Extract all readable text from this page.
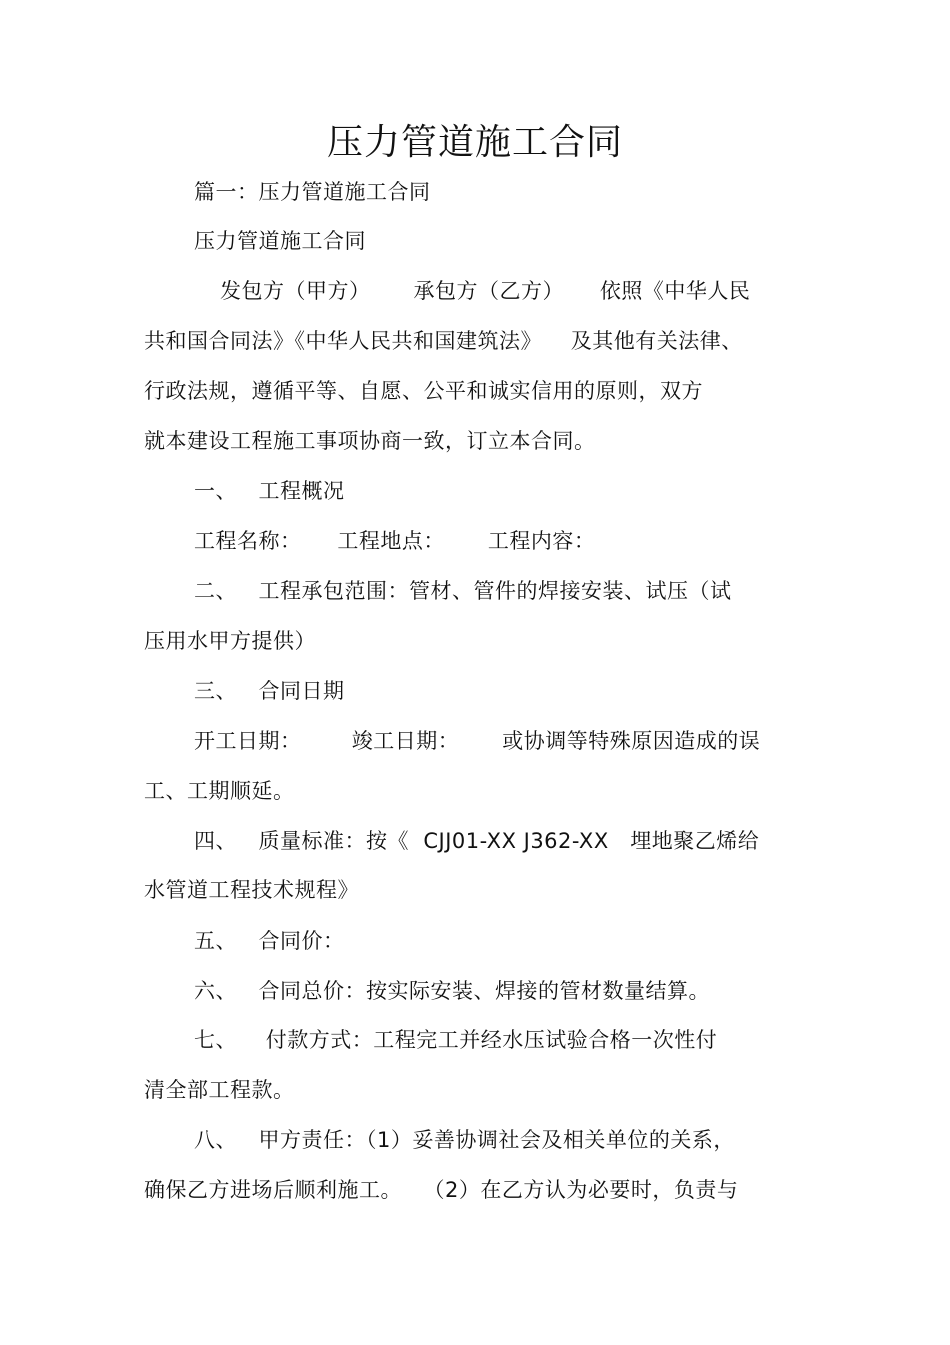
压力管道施工合同
篇一：压力管道施工合同
压力管道施工合同
发包方（甲方）      承包方（乙方）     依照《中华人民
共和国合同法》《中华人民共和国建筑法》    及其他有关法律、
行政法规，遵循平等、自愿、公平和诚实信用的原则，双方
就本建设工程施工事项协商一致，订立本合同。
一、   工程概况
工程名称：     工程地点：      工程内容：
二、   工程承包范围：管材、管件的焊接安装、试压（试
压用水甲方提供）
三、   合同日期
开工日期：       竣工日期：      或协调等特殊原因造成的误
工、工期顺延。
四、   质量标准：按《  CJJ01-XX J362-XX   埋地聚乙烯给
水管道工程技术规程》
五、   合同价：
六、   合同总价：按实际安装、焊接的管材数量结算。
七、    付款方式：工程完工并经水压试验合格一次性付
清全部工程款。
八、   甲方责任：（1）妥善协调社会及相关单位的关系，
确保乙方进场后顺利施工。   （2）在乙方认为必要时，负责与
